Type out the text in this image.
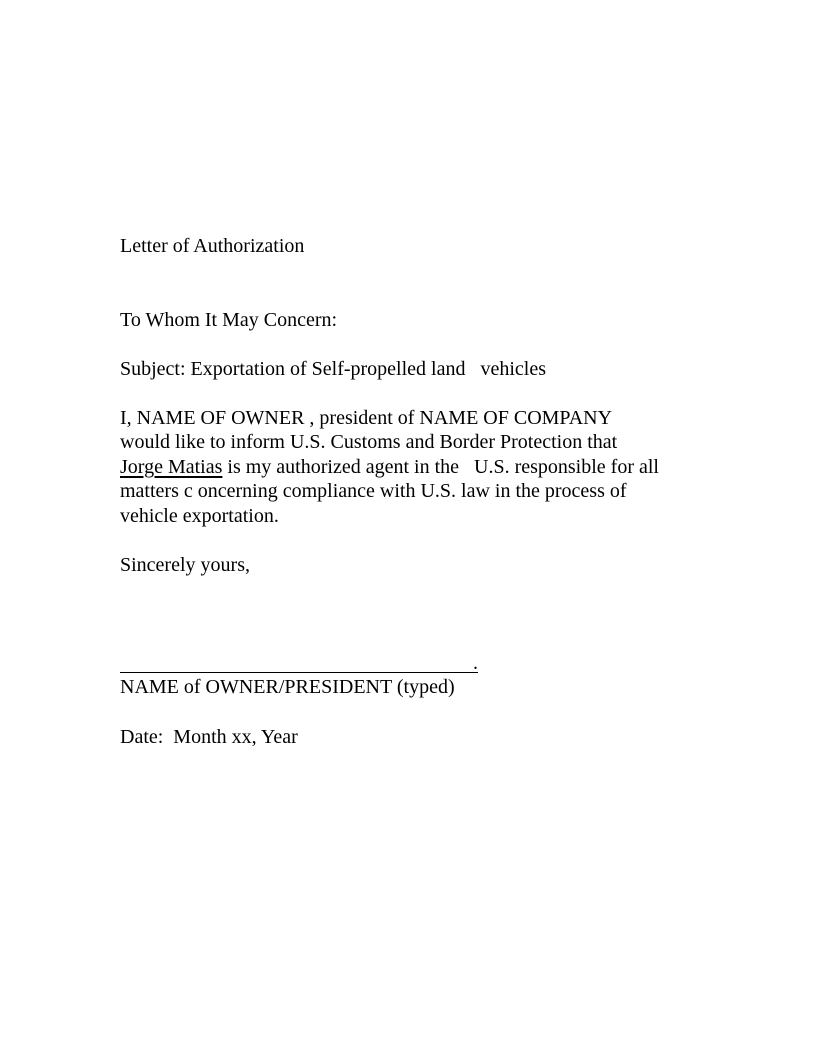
Letter of Authorization
To Whom It May Concern:
Subject: Exportation of Self-propelled land   vehicles
I, NAME OF OWNER , president of NAME OF COMPANY
would like to inform U.S. Customs and Border Protection that
Jorge Matias is my authorized agent in the   U.S. responsible for all
matters c oncerning compliance with U.S. law in the process of
vehicle exportation.
Sincerely yours,
.
NAME of OWNER/PRESIDENT (typed)
Date:  Month xx, Year
